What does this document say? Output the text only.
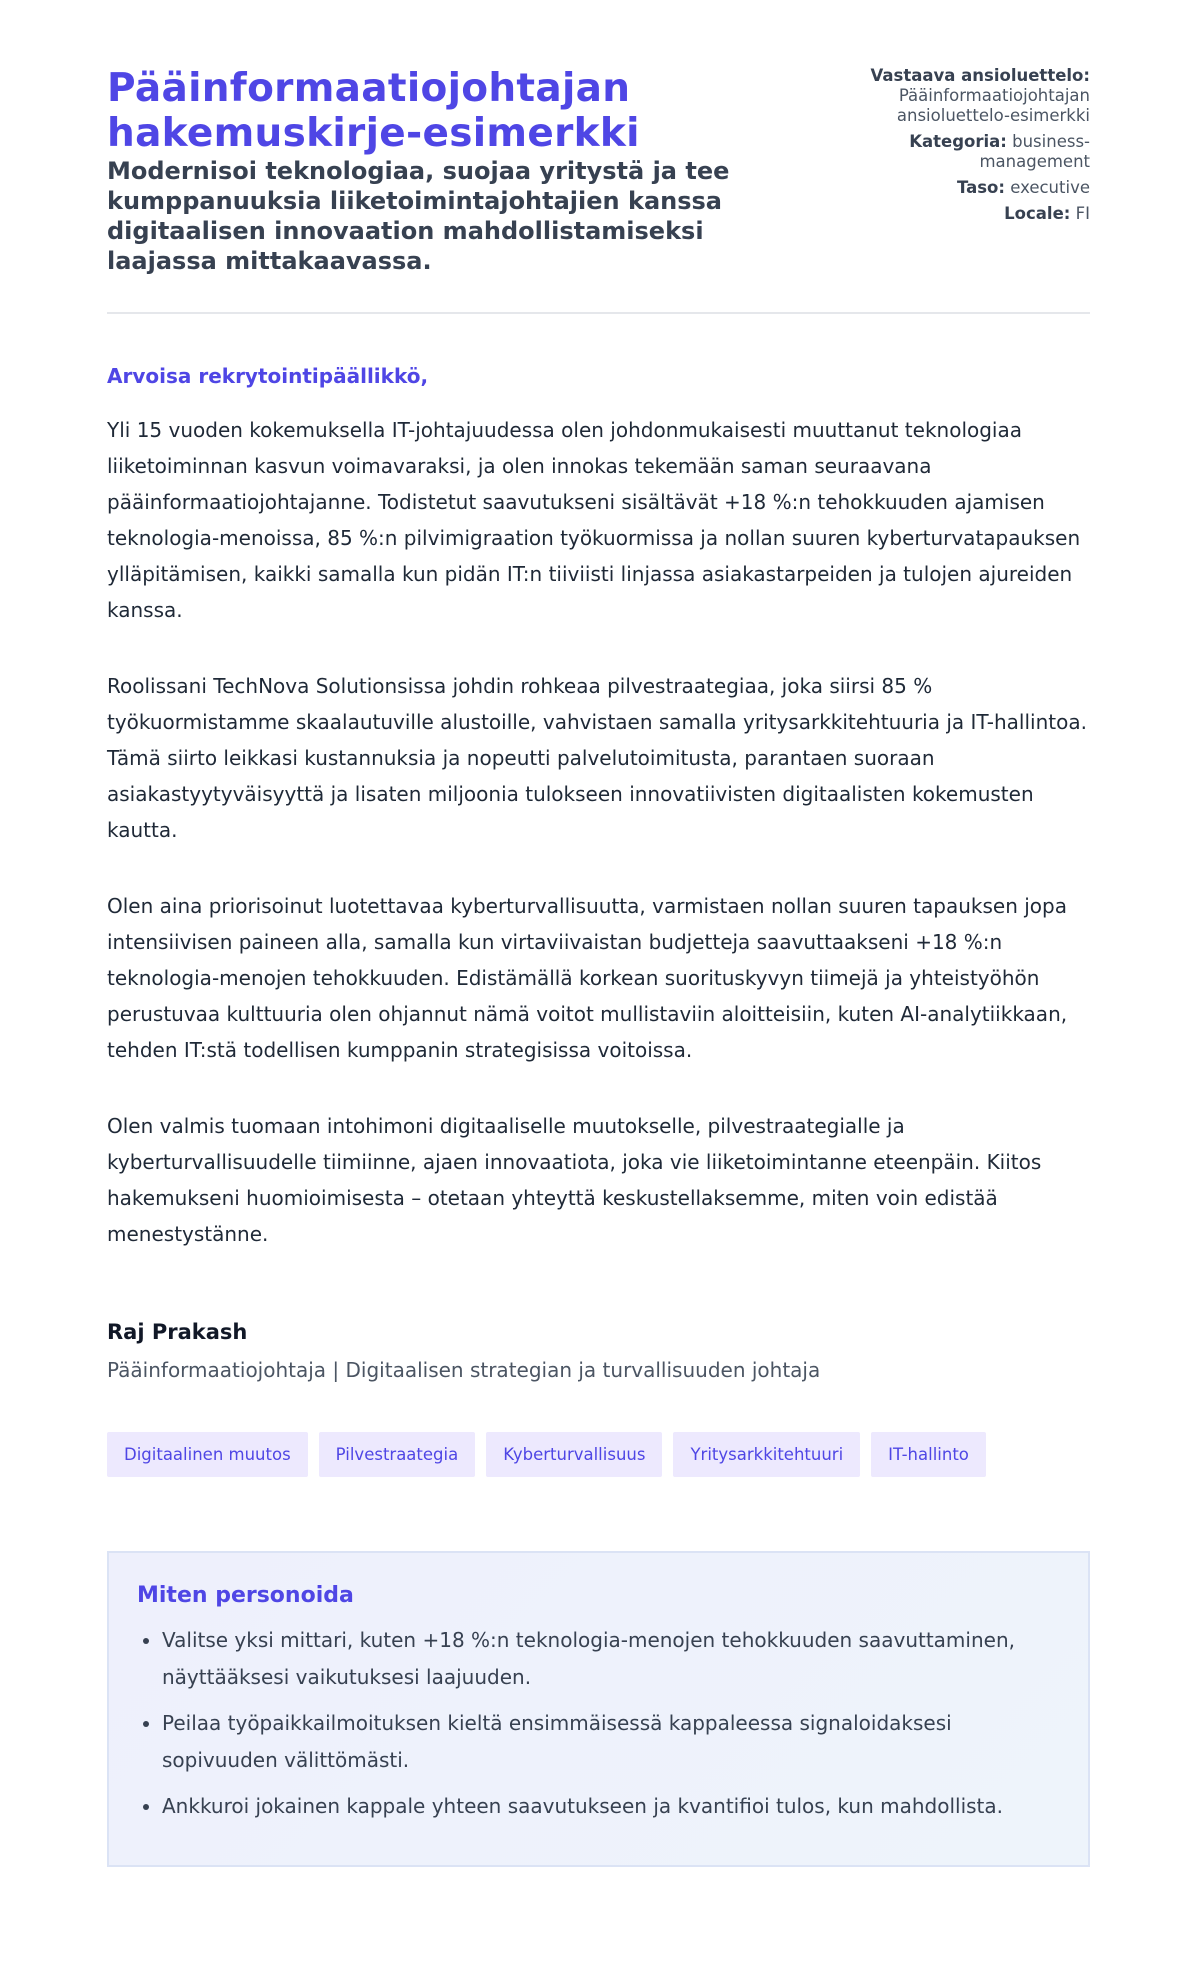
Pääinformaatiojohtajan
hakemuskirje-esimerkki
Modernisoi teknologiaa, suojaa yritystä ja tee kumppanuuksia liiketoimintajohtajien kanssa digitaalisen innovaation mahdollistamiseksi laajassa mittakaavassa.
Vastaava ansioluettelo:
Pääinformaatiojohtajan ansioluettelo-esimerkki
Kategoria: business-management
Taso: executive
Locale: FI
Arvoisa rekrytointipäällikkö,

Yli 15 vuoden kokemuksella IT-johtajuudessa olen johdonmukaisesti muuttanut teknologiaa liiketoiminnan kasvun voimavaraksi, ja olen innokas tekemään saman seuraavana pääinformaatiojohtajanne. Todistetut saavutukseni sisältävät +18 %:n tehokkuuden ajamisen teknologia-menoissa, 85 %:n pilvimigraation työkuormissa ja nollan suuren kyberturvatapauksen ylläpitämisen, kaikki samalla kun pidän IT:n tiiviisti linjassa asiakastarpeiden ja tulojen ajureiden kanssa.

Roolissani TechNova Solutionsissa johdin rohkeaa pilvestraategiaa, joka siirsi 85 % työkuormistamme skaalautuville alustoille, vahvistaen samalla yritysarkkitehtuuria ja IT-hallintoa. Tämä siirto leikkasi kustannuksia ja nopeutti palvelutoimitusta, parantaen suoraan asiakastyytyväisyyttä ja lisaten miljoonia tulokseen innovatiivisten digitaalisten kokemusten kautta.

Olen aina priorisoinut luotettavaa kyberturvallisuutta, varmistaen nollan suuren tapauksen jopa intensiivisen paineen alla, samalla kun virtaviivaistan budjetteja saavuttaakseni +18 %:n teknologia-menojen tehokkuuden. Edistämällä korkean suorituskyvyn tiimejä ja yhteistyöhön perustuvaa kulttuuria olen ohjannut nämä voitot mullistaviin aloitteisiin, kuten AI-analytiikkaan, tehden IT:stä todellisen kumppanin strategisissa voitoissa.

Olen valmis tuomaan intohimoni digitaaliselle muutokselle, pilvestraategialle ja kyberturvallisuudelle tiimiinne, ajaen innovaatiota, joka vie liiketoimintanne eteenpäin. Kiitos hakemukseni huomioimisesta – otetaan yhteyttä keskustellaksemme, miten voin edistää menestystänne.

Raj Prakash
Pääinformaatiojohtaja | Digitaalisen strategian ja turvallisuuden johtaja
Digitaalinen muutos	Pilvestraategia	Kyberturvallisuus	Yritysarkkitehtuuri	IT-hallinto
Miten personoida
• Valitse yksi mittari, kuten +18 %:n teknologia-menojen tehokkuuden saavuttaminen, näyttääksesi vaikutuksesi laajuuden.
• Peilaa työpaikkailmoituksen kieltä ensimmäisessä kappaleessa signaloidaksesi sopivuuden välittömästi.
• Ankkuroi jokainen kappale yhteen saavutukseen ja kvantifioi tulos, kun mahdollista.
